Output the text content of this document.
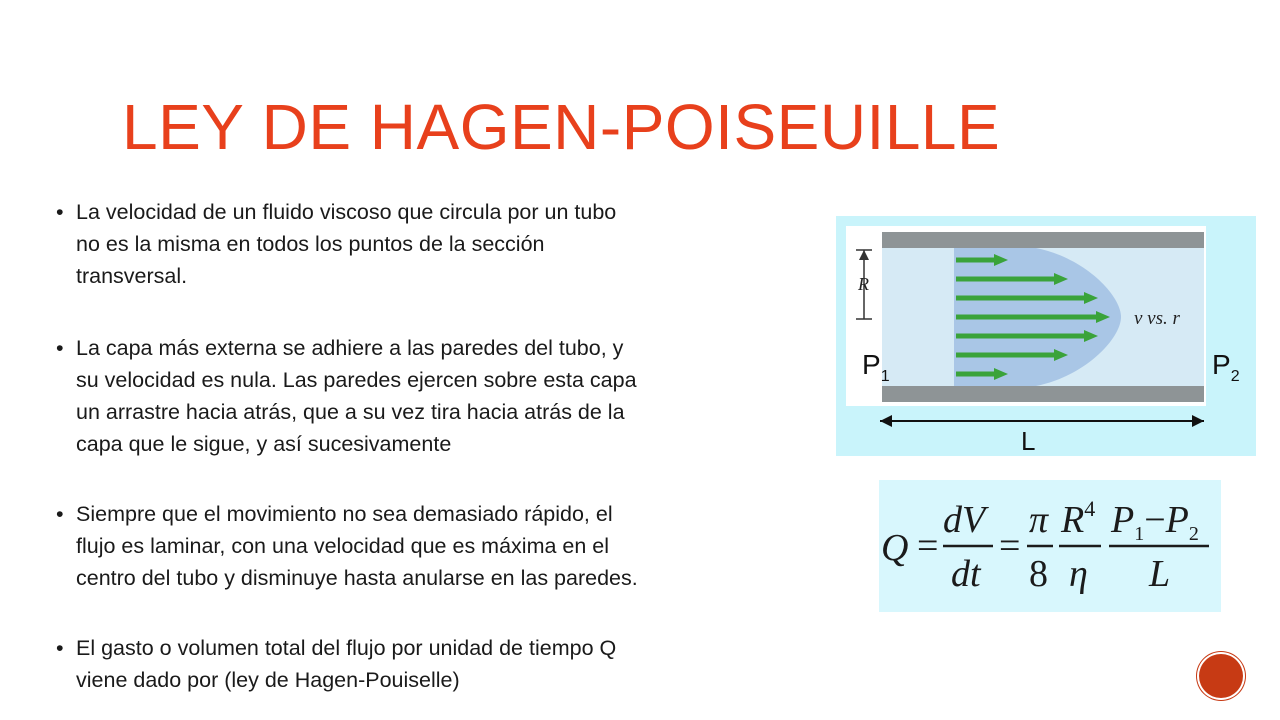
LEY DE HAGEN-POISEUILLE
• La velocidad de un fluido viscoso que circula por un tubo
no es la misma en todos los puntos de la sección
transversal.
• La capa más externa se adhiere a las paredes del tubo, y
su velocidad es nula. Las paredes ejercen sobre esta capa
un arrastre hacia atrás, que a su vez tira hacia atrás de la
capa que le sigue, y así sucesivamente
• Siempre que el movimiento no sea demasiado rápido, el
flujo es laminar, con una velocidad que es máxima en el
centro del tubo y disminuye hasta anularse en las paredes.
• El gasto o volumen total del flujo por unidad de tiempo Q
viene dado por (ley de Hagen-Pouiselle)
R
v vs. r
$P_1$	$P_2$
L
Q =
dV
dt
=
π
8
$R^4$
η
$P_1-P_2$
L
